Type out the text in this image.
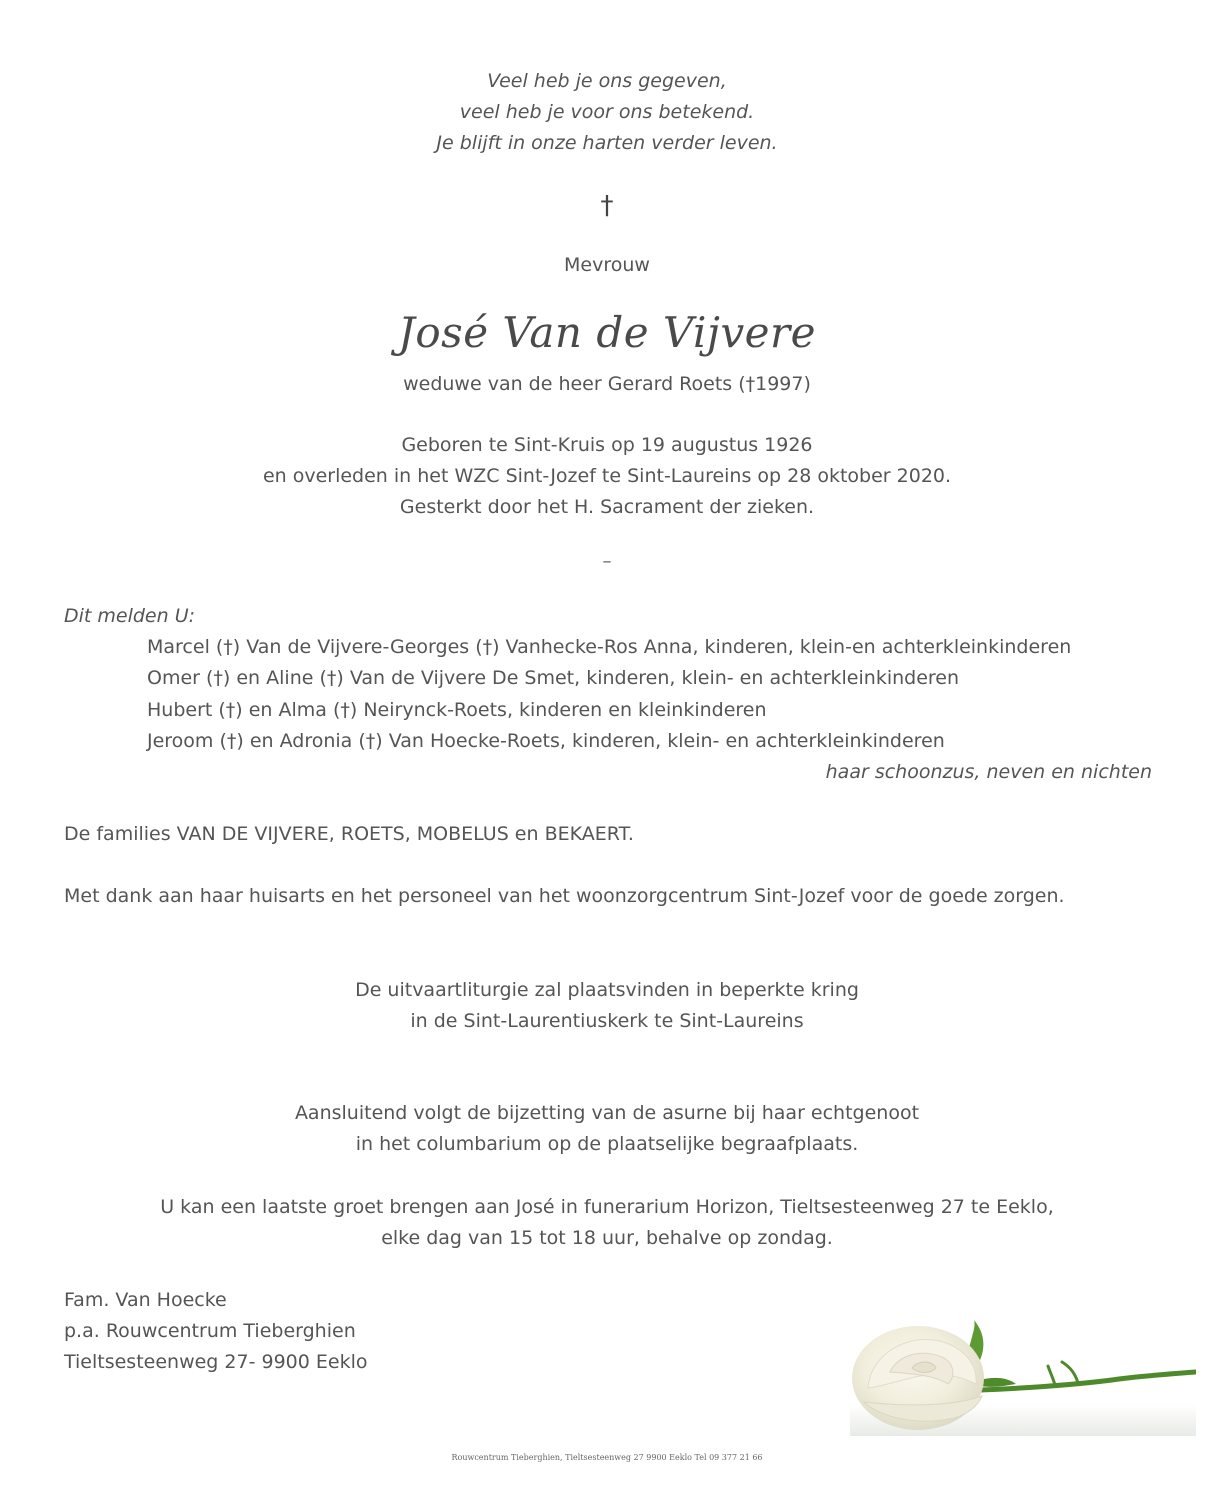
Veel heb je ons gegeven,
veel heb je voor ons betekend.
Je blijft in onze harten verder leven.
†
Mevrouw
José Van de Vijvere
weduwe van de heer Gerard Roets (†1997)
Geboren te Sint-Kruis op 19 augustus 1926
en overleden in het WZC Sint-Jozef te Sint-Laureins op 28 oktober 2020.
Gesterkt door het H. Sacrament der zieken.
–
Dit melden U:
Marcel (†) Van de Vijvere-Georges (†) Vanhecke-Ros Anna, kinderen, klein-en achterkleinkinderen
Omer (†) en Aline (†) Van de Vijvere De Smet, kinderen, klein- en achterkleinkinderen
Hubert (†) en Alma (†) Neirynck-Roets, kinderen en kleinkinderen
Jeroom (†) en Adronia (†) Van Hoecke-Roets, kinderen, klein- en achterkleinkinderen
haar schoonzus, neven en nichten
De families VAN DE VIJVERE, ROETS, MOBELUS en BEKAERT.
Met dank aan haar huisarts en het personeel van het woonzorgcentrum Sint-Jozef voor de goede zorgen.
De uitvaartliturgie zal plaatsvinden in beperkte kring
in de Sint-Laurentiuskerk te Sint-Laureins
Aansluitend volgt de bijzetting van de asurne bij haar echtgenoot
in het columbarium op de plaatselijke begraafplaats.
U kan een laatste groet brengen aan José in funerarium Horizon, Tieltsesteenweg 27 te Eeklo,
elke dag van 15 tot 18 uur, behalve op zondag.
Fam. Van Hoecke
p.a. Rouwcentrum Tieberghien
Tieltsesteenweg 27- 9900 Eeklo
Rouwcentrum Tieberghien, Tieltsesteenweg 27 9900 Eeklo Tel 09 377 21 66
